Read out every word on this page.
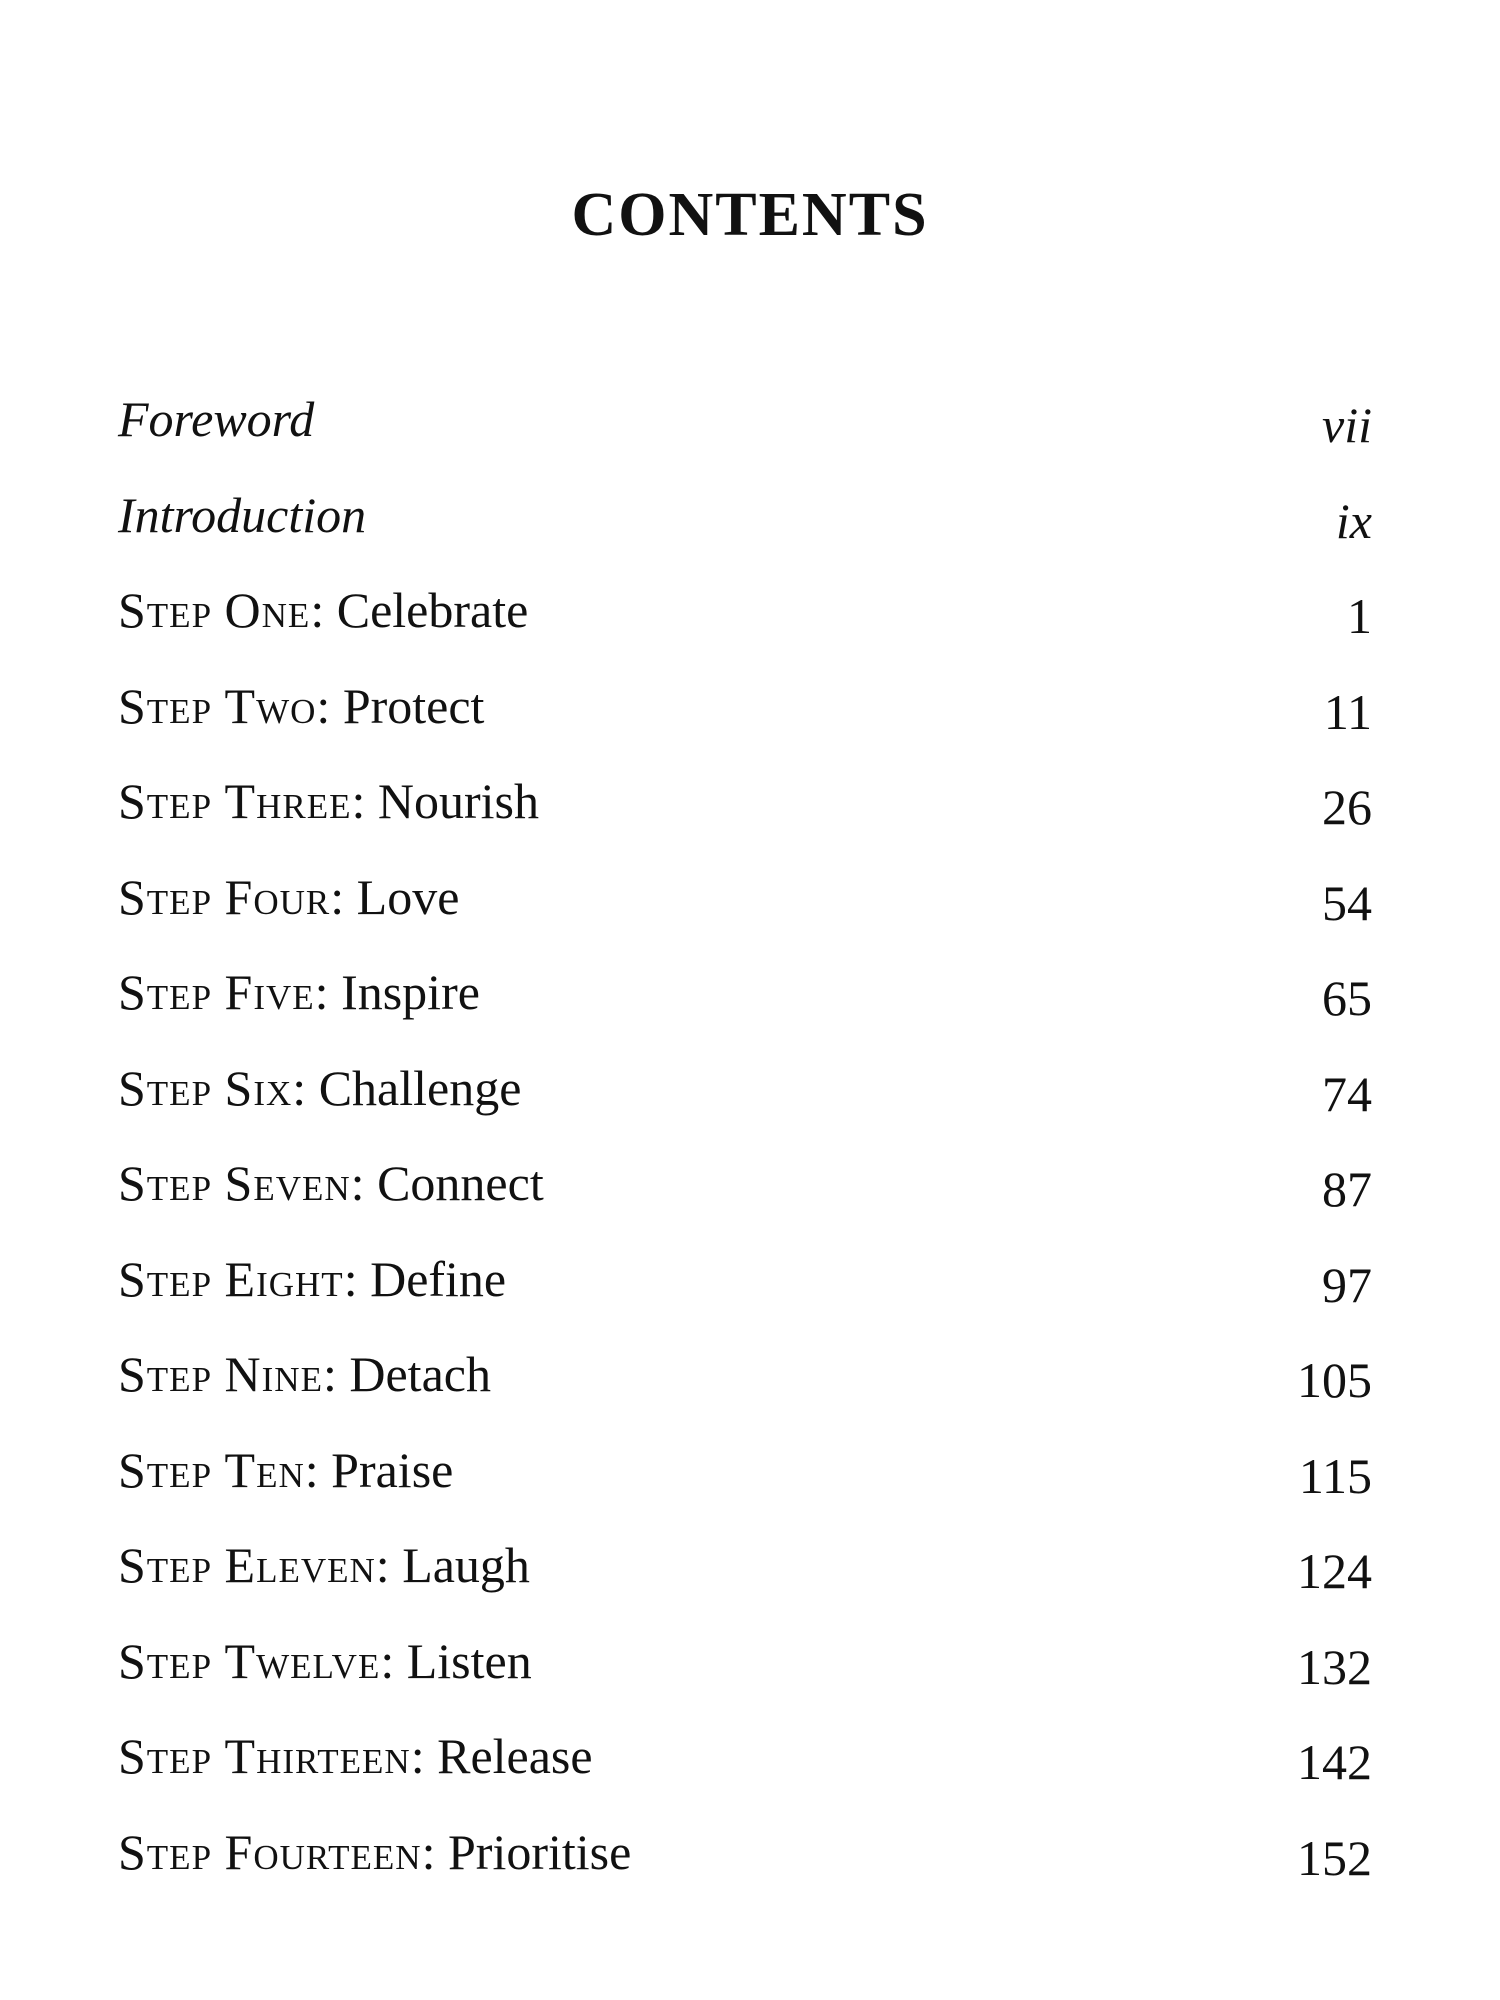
CONTENTS
Foreword	vii
Introduction	ix
Step One: Celebrate	1
Step Two: Protect	11
Step Three: Nourish	26
Step Four: Love	54
Step Five: Inspire	65
Step Six: Challenge	74
Step Seven: Connect	87
Step Eight: Define	97
Step Nine: Detach	105
Step Ten: Praise	115
Step Eleven: Laugh	124
Step Twelve: Listen	132
Step Thirteen: Release	142
Step Fourteen: Prioritise	152
